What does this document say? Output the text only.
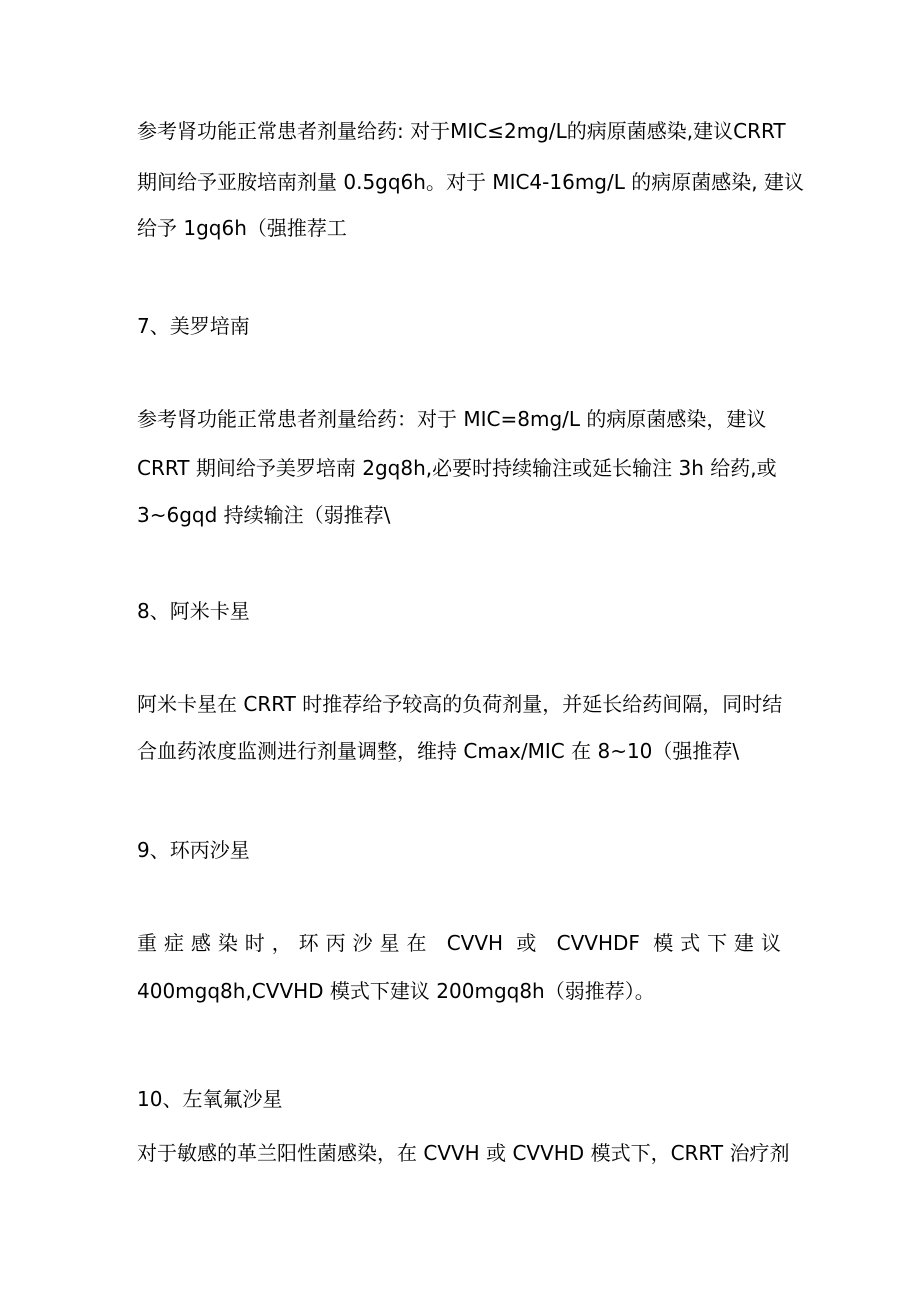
参考肾功能正常患者剂量给药: 对于MIC≤2mg/L的病原菌感染,建议CRRT
期间给予亚胺培南剂量 0.5gq6h。对于 MIC4-16mg/L 的病原菌感染, 建议
给予 1gq6h（强推荐工
7、美罗培南
参考肾功能正常患者剂量给药：对于 MIC=8mg/L 的病原菌感染，建议
CRRT 期间给予美罗培南 2gq8h,必要时持续输注或延长输注 3h 给药,或
3~6gqd 持续输注（弱推荐\
8、阿米卡星
阿米卡星在 CRRT 时推荐给予较高的负荷剂量，并延长给药间隔，同时结
合血药浓度监测进行剂量调整，维持 Cmax/MIC 在 8~10（强推荐\
9、环丙沙星
重症感染时，环丙沙星在 CVVH 或 CVVHDF 模式下建议
400mgq8h,CVVHD 模式下建议 200mgq8h（弱推荐）。
10、左氧氟沙星
对于敏感的革兰阳性菌感染，在 CVVH 或 CVVHD 模式下，CRRT 治疗剂
